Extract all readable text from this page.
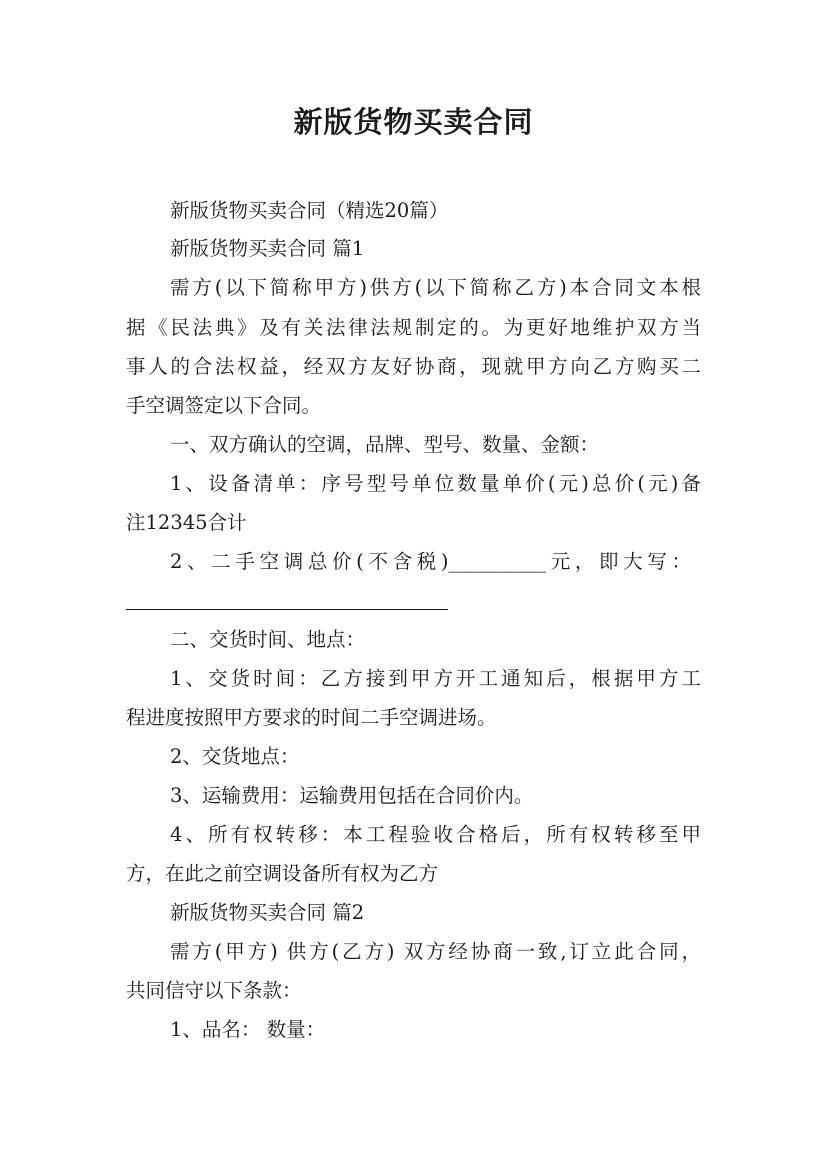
新版货物买卖合同
新版货物买卖合同（精选20篇）
新版货物买卖合同 篇1
需方(以下简称甲方)供方(以下简称乙方)本合同文本根
据《民法典》及有关法律法规制定的。为更好地维护双方当
事人的合法权益，经双方友好协商，现就甲方向乙方购买二
手空调签定以下合同。
一、双方确认的空调，品牌、型号、数量、金额：
1、设备清单：序号型号单位数量单价(元)总价(元)备
注12345合计
2、二手空调总价(不含税)__________元，即大写：
二、交货时间、地点：
1、交货时间：乙方接到甲方开工通知后，根据甲方工
程进度按照甲方要求的时间二手空调进场。
2、交货地点：
3、运输费用：运输费用包括在合同价内。
4、所有权转移：本工程验收合格后，所有权转移至甲
方，在此之前空调设备所有权为乙方
新版货物买卖合同 篇2
需方(甲方) 供方(乙方) 双方经协商一致,订立此合同，
共同信守以下条款：
1、品名： 数量：
